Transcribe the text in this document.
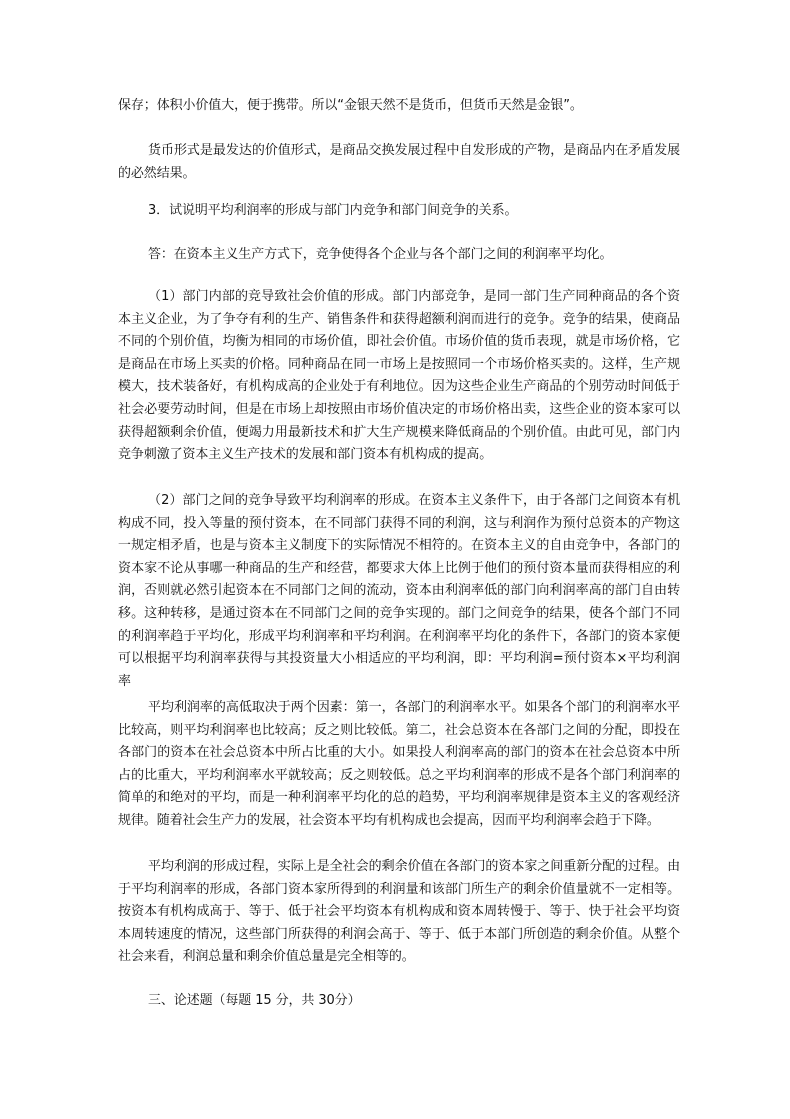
保存；体积小价值大，便于携带。所以“金银天然不是货币，但货币天然是金银”。

货币形式是最发达的价值形式，是商品交换发展过程中自发形成的产物，是商品内在矛盾发展的必然结果。

3．试说明平均利润率的形成与部门内竞争和部门间竞争的关系。

答：在资本主义生产方式下，竞争使得各个企业与各个部门之间的利润率平均化。

（1）部门内部的竞导致社会价值的形成。部门内部竞争，是同一部门生产同种商品的各个资本主义企业，为了争夺有利的生产、销售条件和获得超额利润而进行的竞争。竞争的结果，使商品不同的个别价值，均衡为相同的市场价值，即社会价值。市场价值的货币表现，就是市场价格，它是商品在市场上买卖的价格。同种商品在同一市场上是按照同一个市场价格买卖的。这样，生产规模大，技术装备好，有机构成高的企业处于有利地位。因为这些企业生产商品的个别劳动时间低于社会必要劳动时间，但是在市场上却按照由市场价值决定的市场价格出卖，这些企业的资本家可以获得超额剩余价值，便竭力用最新技术和扩大生产规模来降低商品的个别价值。由此可见，部门内竞争刺激了资本主义生产技术的发展和部门资本有机构成的提高。

（2）部门之间的竞争导致平均利润率的形成。在资本主义条件下，由于各部门之间资本有机构成不同，投入等量的预付资本，在不同部门获得不同的利润，这与利润作为预付总资本的产物这一规定相矛盾，也是与资本主义制度下的实际情况不相符的。在资本主义的自由竞争中，各部门的资本家不论从事哪一种商品的生产和经营，都要求大体上比例于他们的预付资本量而获得相应的利润，否则就必然引起资本在不同部门之间的流动，资本由利润率低的部门向利润率高的部门自由转移。这种转移，是通过资本在不同部门之间的竞争实现的。部门之间竞争的结果，使各个部门不同的利润率趋于平均化，形成平均利润率和平均利润。在利润率平均化的条件下，各部门的资本家便可以根据平均利润率获得与其投资量大小相适应的平均利润，即：平均利润=预付资本×平均利润率

平均利润率的高低取决于两个因素：第一，各部门的利润率水平。如果各个部门的利润率水平比较高，则平均利润率也比较高；反之则比较低。第二，社会总资本在各部门之间的分配，即投在各部门的资本在社会总资本中所占比重的大小。如果投人利润率高的部门的资本在社会总资本中所占的比重大，平均利润率水平就较高；反之则较低。总之平均利润率的形成不是各个部门利润率的简单的和绝对的平均，而是一种利润率平均化的总的趋势，平均利润率规律是资本主义的客观经济规律。随着社会生产力的发展，社会资本平均有机构成也会提高，因而平均利润率会趋于下降。

平均利润的形成过程，实际上是全社会的剩余价值在各部门的资本家之间重新分配的过程。由于平均利润率的形成，各部门资本家所得到的利润量和该部门所生产的剩余价值量就不一定相等。按资本有机构成高于、等于、低于社会平均资本有机构成和资本周转慢于、等于、快于社会平均资本周转速度的情况，这些部门所获得的利润会高于、等于、低于本部门所创造的剩余价值。从整个社会来看，利润总量和剩余价值总量是完全相等的。

三、论述题（每题 15 分，共 30分）
